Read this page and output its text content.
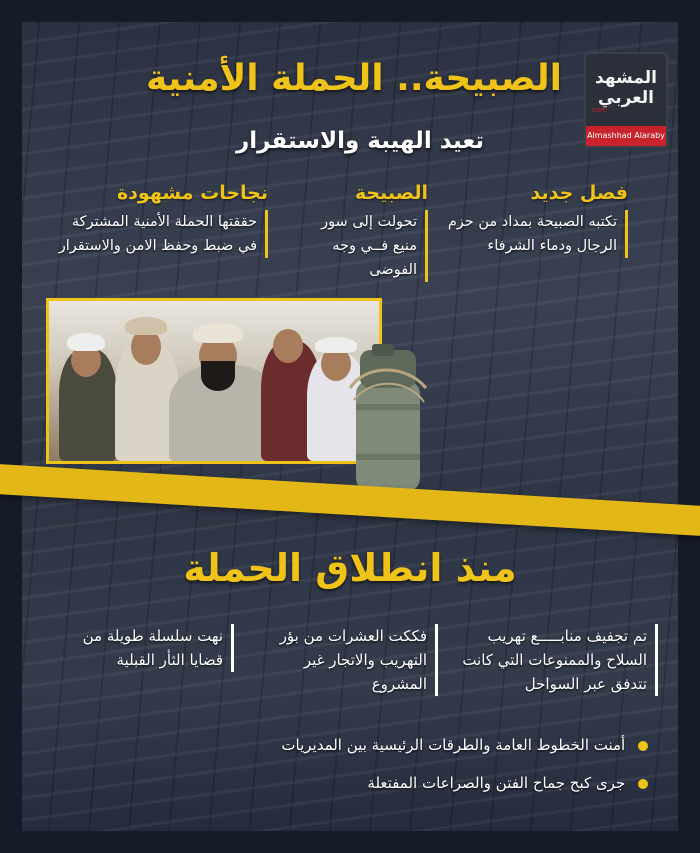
المشهد
العربي
com
Almashhad Alaraby
الصبيحة.. الحملة الأمنية
تعيد الهيبة والاستقرار
فصل جديد
تكتبه الصبيحة بمداد من حزم الرجال ودماء الشرفاء
الصبيحة
تحولت إلى سور منيع فــي وجه الفوضى
نجاحات مشهودة
حققتها الحملة الأمنية المشتركة في ضبط وحفظ الامن والاستقرار
منذ انطلاق الحملة
تم تجفيف منابـــــع تهريب السلاح والممنوعات التي كانت تتدفق عبر السواحل
فككت العشرات من بؤر التهريب والاتجار غير المشروع
نهت سلسلة طويلة من قضايا الثأر القبلية
أمنت الخطوط العامة والطرقات الرئيسية بين المديريات
جرى كبح جماح الفتن والصراعات المفتعلة
